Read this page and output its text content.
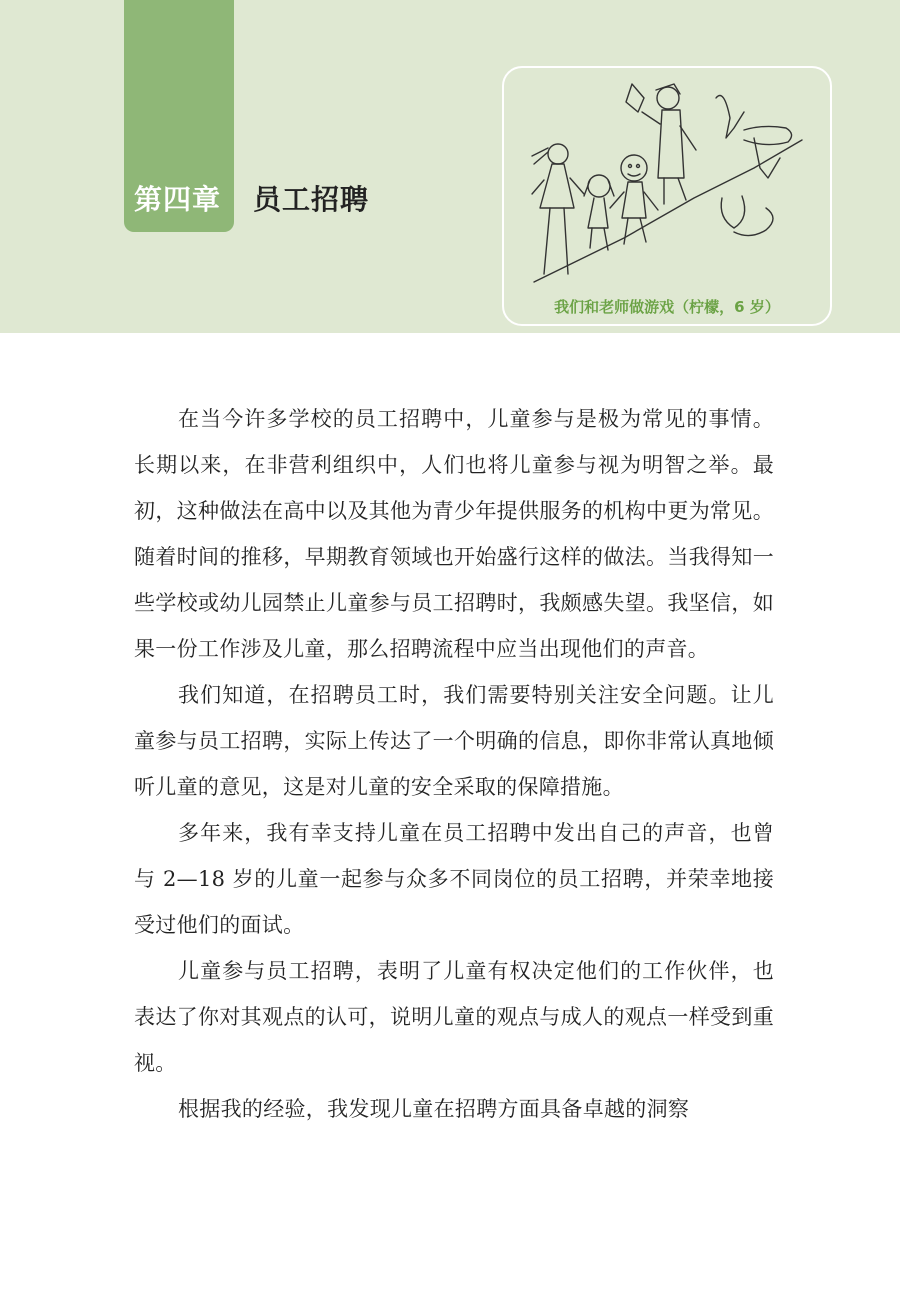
第四章 员工招聘
我们和老师做游戏（柠檬，6 岁）

在当今许多学校的员工招聘中，儿童参与是极为常见的事情。长期以来，在非营利组织中，人们也将儿童参与视为明智之举。最初，这种做法在高中以及其他为青少年提供服务的机构中更为常见。随着时间的推移，早期教育领域也开始盛行这样的做法。当我得知一些学校或幼儿园禁止儿童参与员工招聘时，我颇感失望。我坚信，如果一份工作涉及儿童，那么招聘流程中应当出现他们的声音。

我们知道，在招聘员工时，我们需要特别关注安全问题。让儿童参与员工招聘，实际上传达了一个明确的信息，即你非常认真地倾听儿童的意见，这是对儿童的安全采取的保障措施。

多年来，我有幸支持儿童在员工招聘中发出自己的声音，也曾与 2—18 岁的儿童一起参与众多不同岗位的员工招聘，并荣幸地接受过他们的面试。

儿童参与员工招聘，表明了儿童有权决定他们的工作伙伴，也表达了你对其观点的认可，说明儿童的观点与成人的观点一样受到重视。

根据我的经验，我发现儿童在招聘方面具备卓越的洞察
